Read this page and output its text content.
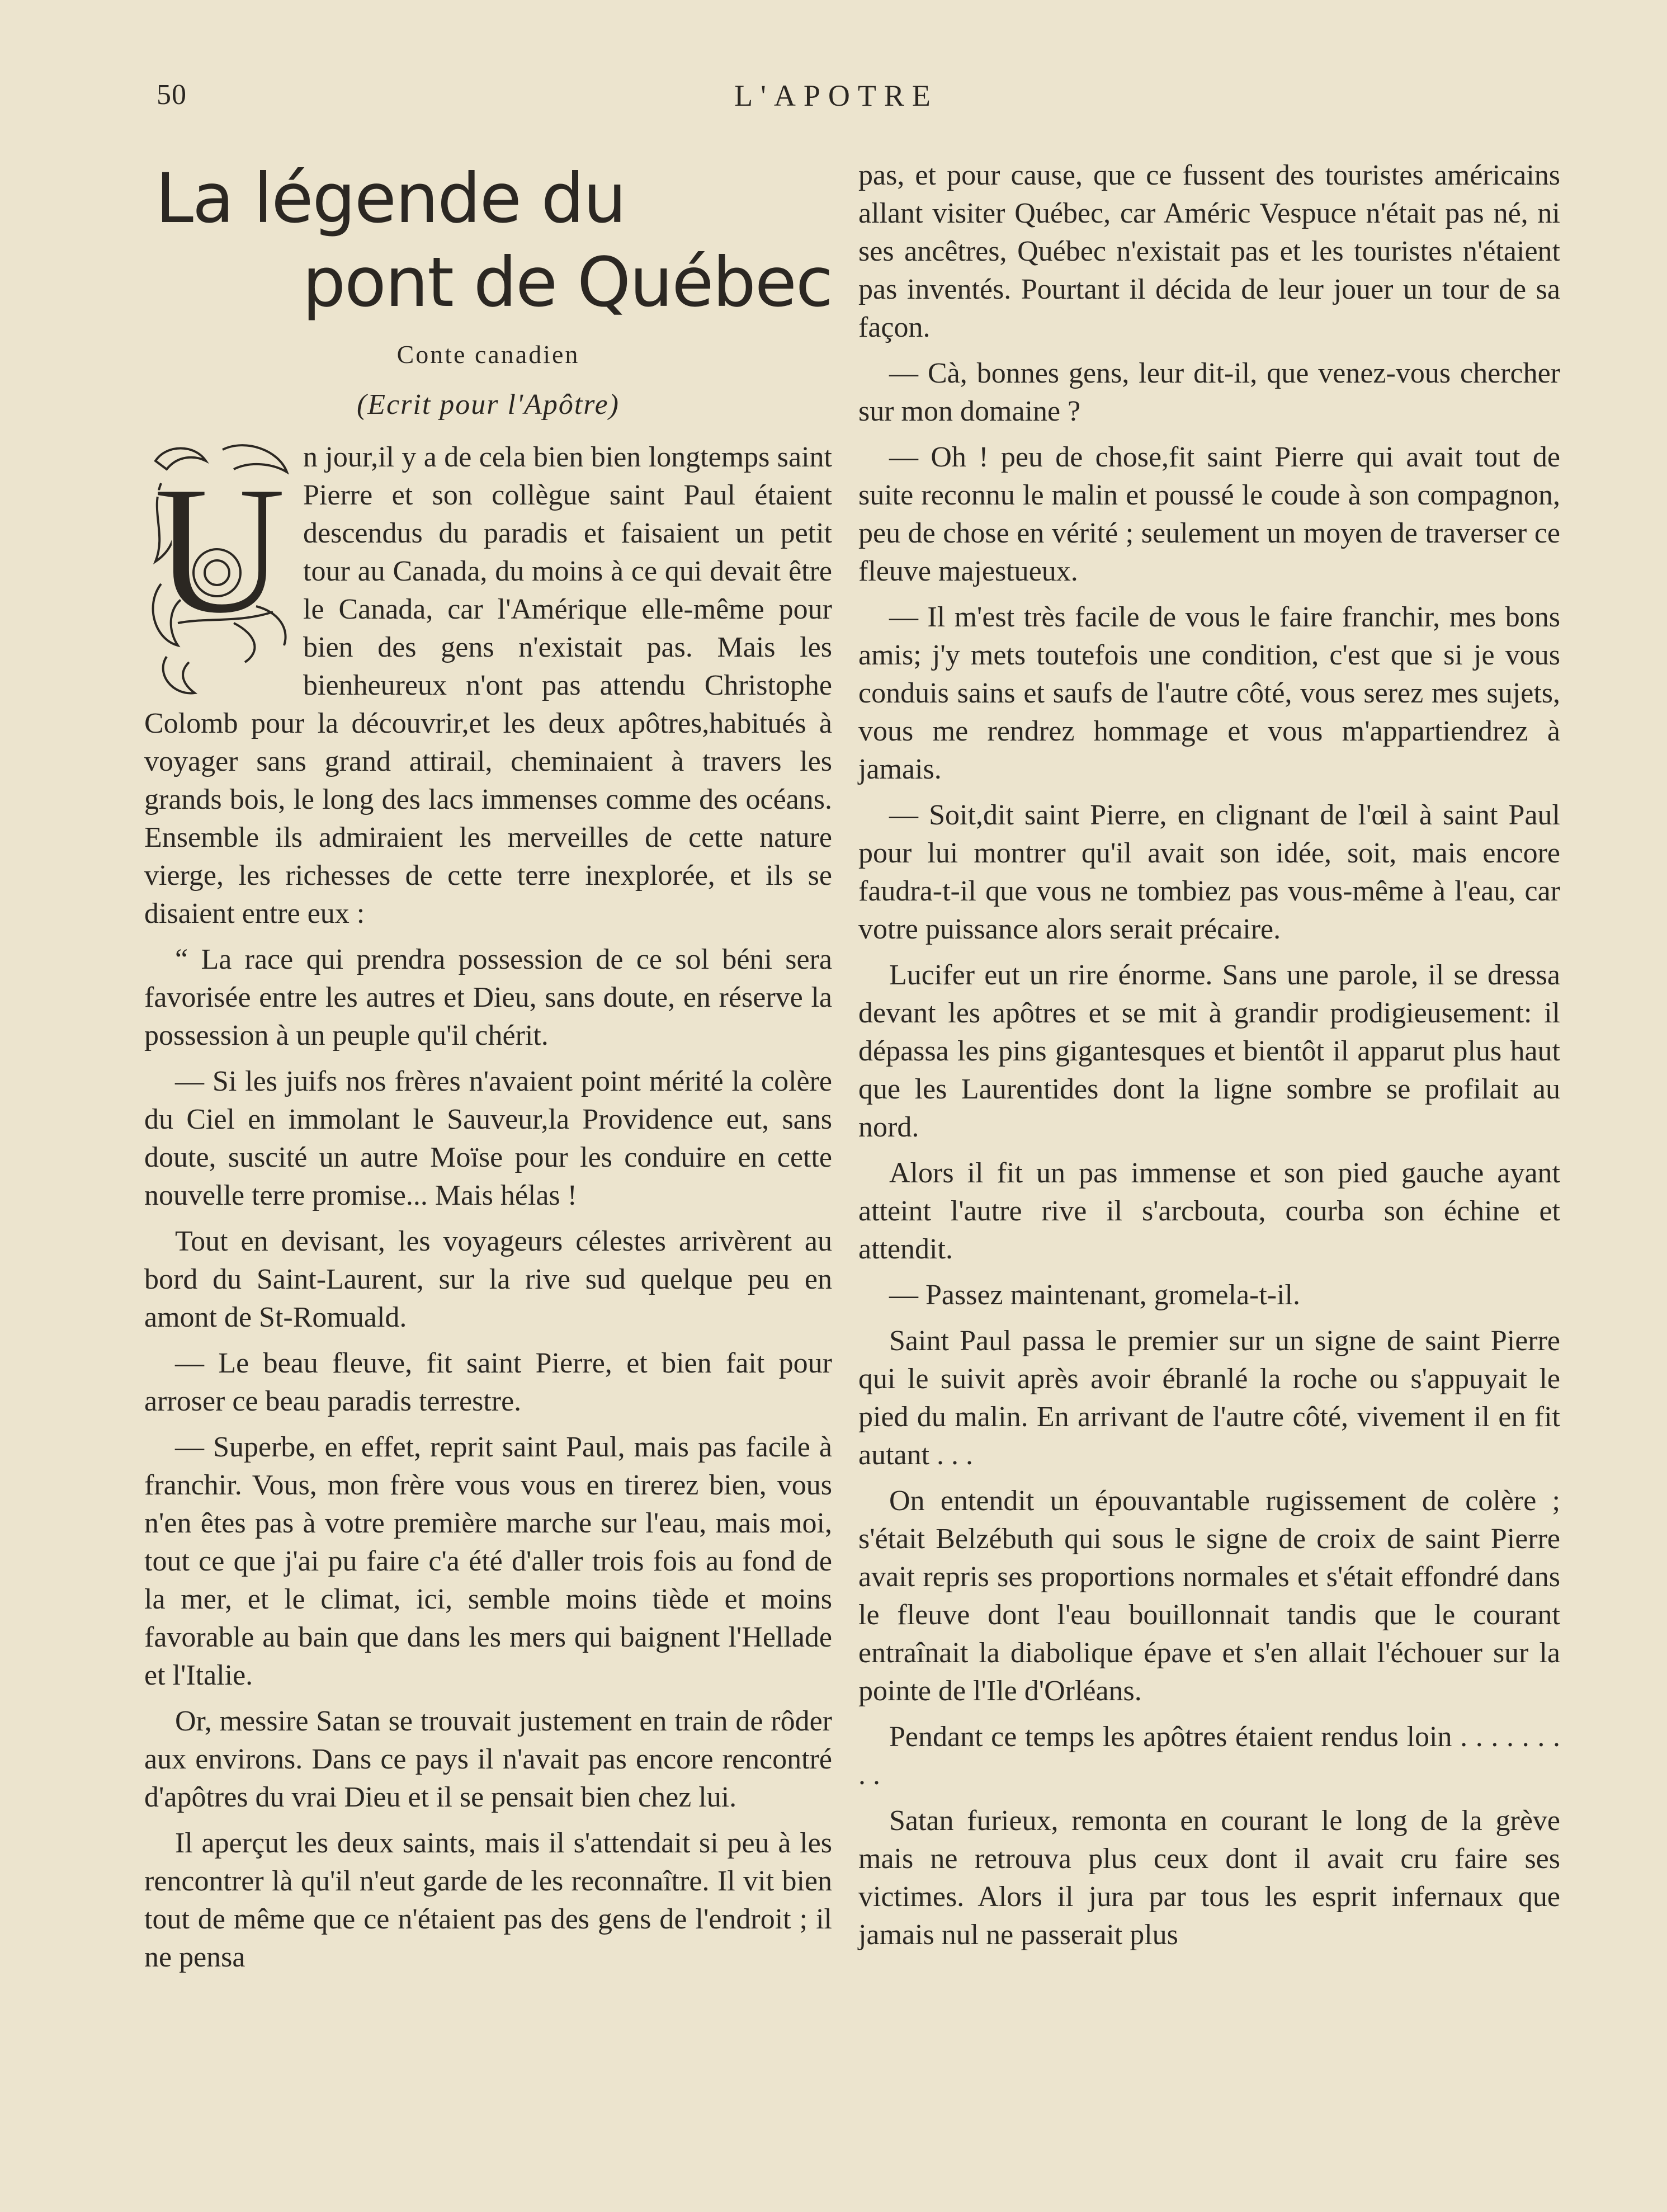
50	L'APOTRE
La légende du
pont de Québec
Conte canadien
(Ecrit pour l'Apôtre)
U n jour,il y a de cela bien bien longtemps saint Pierre et son collègue saint Paul étaient descendus du paradis et faisaient un petit tour au Canada, du moins à ce qui devait être le Canada, car l'Amérique elle-même pour bien des gens n'existait pas. Mais les bienheureux n'ont pas attendu Christophe Colomb pour la découvrir,et les deux apôtres,habitués à voyager sans grand attirail, cheminaient à travers les grands bois, le long des lacs immenses comme des océans. Ensemble ils admiraient les merveilles de cette nature vierge, les richesses de cette terre inexplorée, et ils se disaient entre eux :

“ La race qui prendra possession de ce sol béni sera favorisée entre les autres et Dieu, sans doute, en réserve la possession à un peuple qu'il chérit.

— Si les juifs nos frères n'avaient point mérité la colère du Ciel en immolant le Sauveur,la Providence eut, sans doute, suscité un autre Moïse pour les conduire en cette nouvelle terre promise... Mais hélas !

Tout en devisant, les voyageurs célestes arrivèrent au bord du Saint-Laurent, sur la rive sud quelque peu en amont de St-Romuald.

— Le beau fleuve, fit saint Pierre, et bien fait pour arroser ce beau paradis terrestre.

— Superbe, en effet, reprit saint Paul, mais pas facile à franchir. Vous, mon frère vous vous en tirerez bien, vous n'en êtes pas à votre première marche sur l'eau, mais moi, tout ce que j'ai pu faire c'a été d'aller trois fois au fond de la mer, et le climat, ici, semble moins tiède et moins favorable au bain que dans les mers qui baignent l'Hellade et l'Italie.

Or, messire Satan se trouvait justement en train de rôder aux environs. Dans ce pays il n'avait pas encore rencontré d'apôtres du vrai Dieu et il se pensait bien chez lui.

Il aperçut les deux saints, mais il s'attendait si peu à les rencontrer là qu'il n'eut garde de les reconnaître. Il vit bien tout de même que ce n'étaient pas des gens de l'endroit ; il ne pensa

pas, et pour cause, que ce fussent des touristes américains allant visiter Québec, car Améric Vespuce n'était pas né, ni ses ancêtres, Québec n'existait pas et les touristes n'étaient pas inventés. Pourtant il décida de leur jouer un tour de sa façon.

— Cà, bonnes gens, leur dit-il, que venez-vous chercher sur mon domaine ?

— Oh ! peu de chose,fit saint Pierre qui avait tout de suite reconnu le malin et poussé le coude à son compagnon, peu de chose en vérité ; seulement un moyen de traverser ce fleuve majestueux.

— Il m'est très facile de vous le faire franchir, mes bons amis; j'y mets toutefois une condition, c'est que si je vous conduis sains et saufs de l'autre côté, vous serez mes sujets, vous me rendrez hommage et vous m'appartiendrez à jamais.

— Soit,dit saint Pierre, en clignant de l'œil à saint Paul pour lui montrer qu'il avait son idée, soit, mais encore faudra-t-il que vous ne tombiez pas vous-même à l'eau, car votre puissance alors serait précaire.

Lucifer eut un rire énorme. Sans une parole, il se dressa devant les apôtres et se mit à grandir prodigieusement: il dépassa les pins gigantesques et bientôt il apparut plus haut que les Laurentides dont la ligne sombre se profilait au nord.

Alors il fit un pas immense et son pied gauche ayant atteint l'autre rive il s'arcbouta, courba son échine et attendit.

— Passez maintenant, gromela-t-il.

Saint Paul passa le premier sur un signe de saint Pierre qui le suivit après avoir ébranlé la roche ou s'appuyait le pied du malin. En arrivant de l'autre côté, vivement il en fit autant . . .

On entendit un épouvantable rugissement de colère ; s'était Belzébuth qui sous le signe de croix de saint Pierre avait repris ses proportions normales et s'était effondré dans le fleuve dont l'eau bouillonnait tandis que le courant entraînait la diabolique épave et s'en allait l'échouer sur la pointe de l'Ile d'Orléans.

Pendant ce temps les apôtres étaient rendus loin . . . . . . . . .

Satan furieux, remonta en courant le long de la grève mais ne retrouva plus ceux dont il avait cru faire ses victimes. Alors il jura par tous les esprit infernaux que jamais nul ne passerait plus
